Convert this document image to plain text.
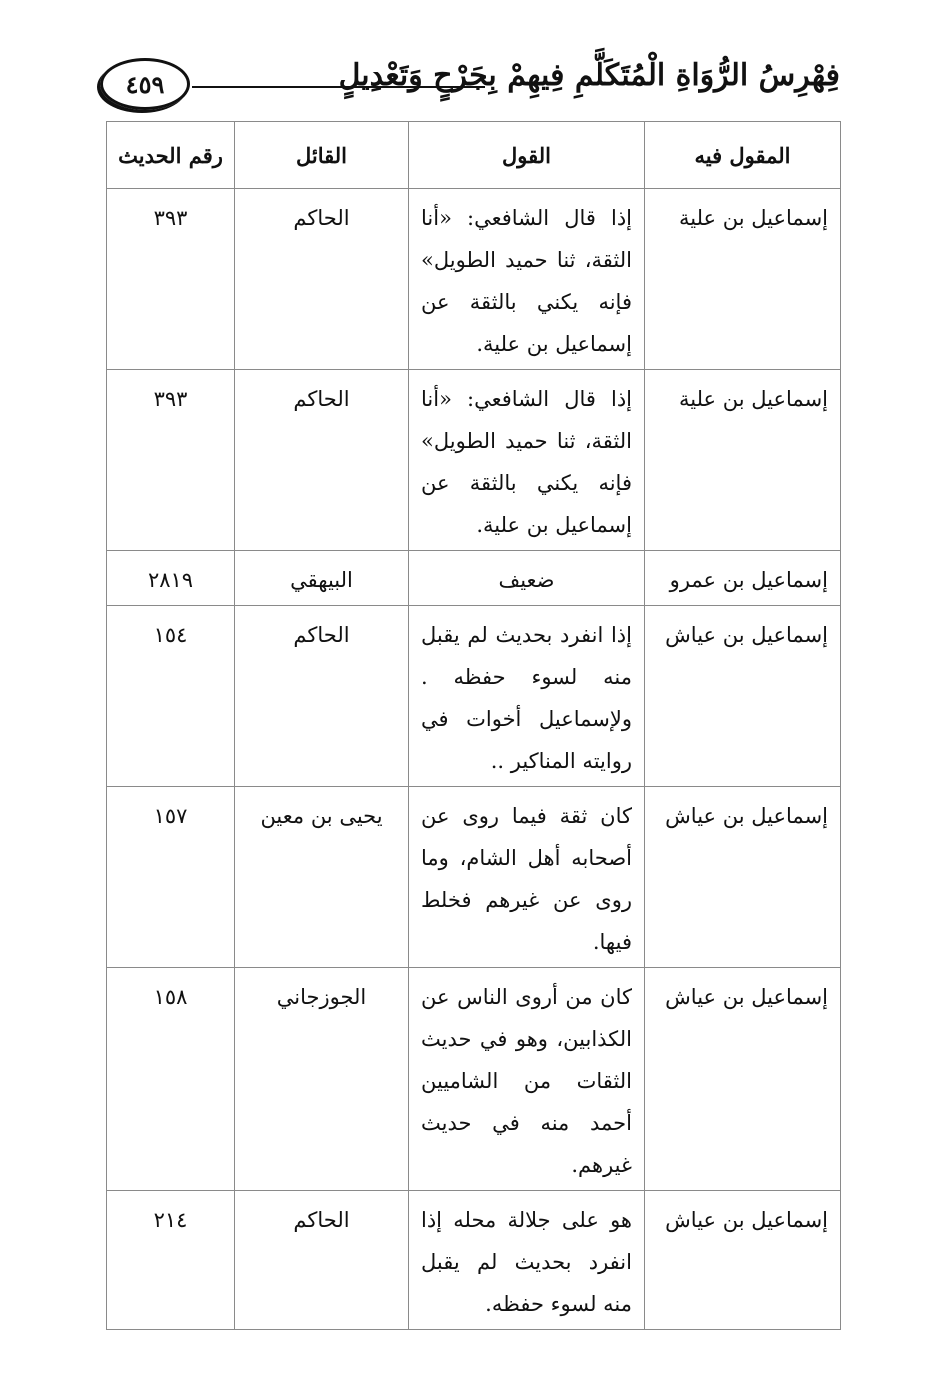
فِهْرِسُ الرُّوَاةِ الْمُتَكَلَّمِ فِيهِمْ بِجَرْحٍ وَتَعْدِيلٍ
٤٥٩
المقول فيه	القول	القائل	رقم الحديث
إسماعيل بن علية	إذا قال الشافعي: «أنا الثقة، ثنا حميد الطويل» فإنه يكني بالثقة عن إسماعيل بن علية.	الحاكم	٣٩٣
إسماعيل بن علية	إذا قال الشافعي: «أنا الثقة، ثنا حميد الطويل» فإنه يكني بالثقة عن إسماعيل بن علية.	الحاكم	٣٩٣
إسماعيل بن عمرو	ضعيف	البيهقي	٢٨١٩
إسماعيل بن عياش	إذا انفرد بحديث لم يقبل منه لسوء حفظه . ولإسماعيل أخوات في روايته المناكير ..	الحاكم	١٥٤
إسماعيل بن عياش	كان ثقة فيما روى عن أصحابه أهل الشام، وما روى عن غيرهم فخلط فيها.	يحيى بن معين	١٥٧
إسماعيل بن عياش	كان من أروى الناس عن الكذابين، وهو في حديث الثقات من الشاميين أحمد منه في حديث غيرهم.	الجوزجاني	١٥٨
إسماعيل بن عياش	هو على جلالة محله إذا انفرد بحديث لم يقبل منه لسوء حفظه.	الحاكم	٢١٤
